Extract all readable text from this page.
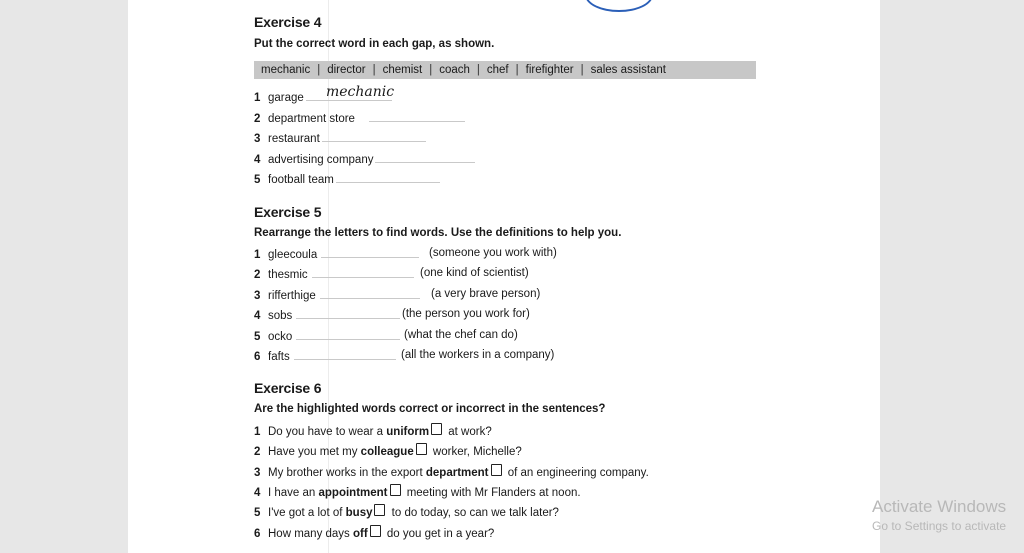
Exercise 4
Put the correct word in each gap, as shown.
mechanic | director | chemist | coach | chef | firefighter | sales assistant
1 garage mechanic
2 department store
3 restaurant
4 advertising company
5 football team
Exercise 5
Rearrange the letters to find words. Use the definitions to help you.
1 gleecoula	(someone you work with)
2 thesmic	(one kind of scientist)
3 rifferthige	(a very brave person)
4 sobs	(the person you work for)
5 ocko	(what the chef can do)
6 fafts	(all the workers in a company)
Exercise 6
Are the highlighted words correct or incorrect in the sentences?
1 Do you have to wear a uniform at work?
2 Have you met my colleague worker, Michelle?
3 My brother works in the export department of an engineering company.
4 I have an appointment meeting with Mr Flanders at noon.
5 I've got a lot of busy to do today, so can we talk later?
6 How many days off do you get in a year?
Activate Windows
Go to Settings to activate
